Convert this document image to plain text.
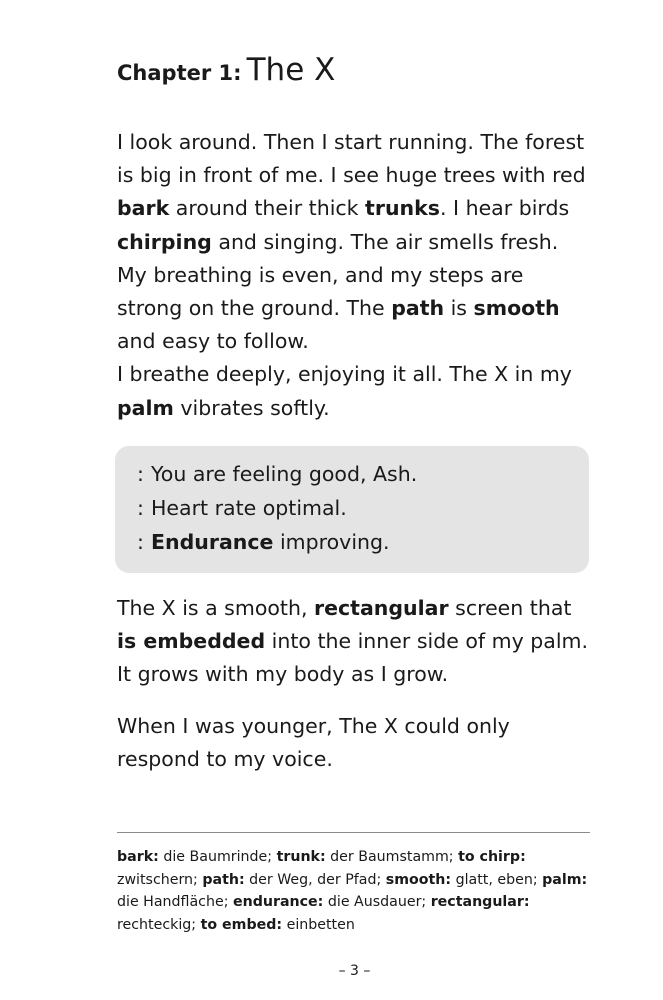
Chapter 1: The X
I look around. Then I start running. The forest is big in front of me. I see huge trees with red bark around their thick trunks. I hear birds chirping and singing. The air smells fresh. My breathing is even, and my steps are strong on the ground. The path is smooth and easy to follow.
I breathe deeply, enjoying it all. The X in my palm vibrates softly.
: You are feeling good, Ash.
: Heart rate optimal.
: Endurance improving.
The X is a smooth, rectangular screen that is embedded into the inner side of my palm. It grows with my body as I grow.
When I was younger, The X could only respond to my voice.
bark: die Baumrinde; trunk: der Baumstamm; to chirp: zwitschern; path: der Weg, der Pfad; smooth: glatt, eben; palm: die Handfläche; endurance: die Ausdauer; rectangular: rechteckig; to embed: einbetten
– 3 –
